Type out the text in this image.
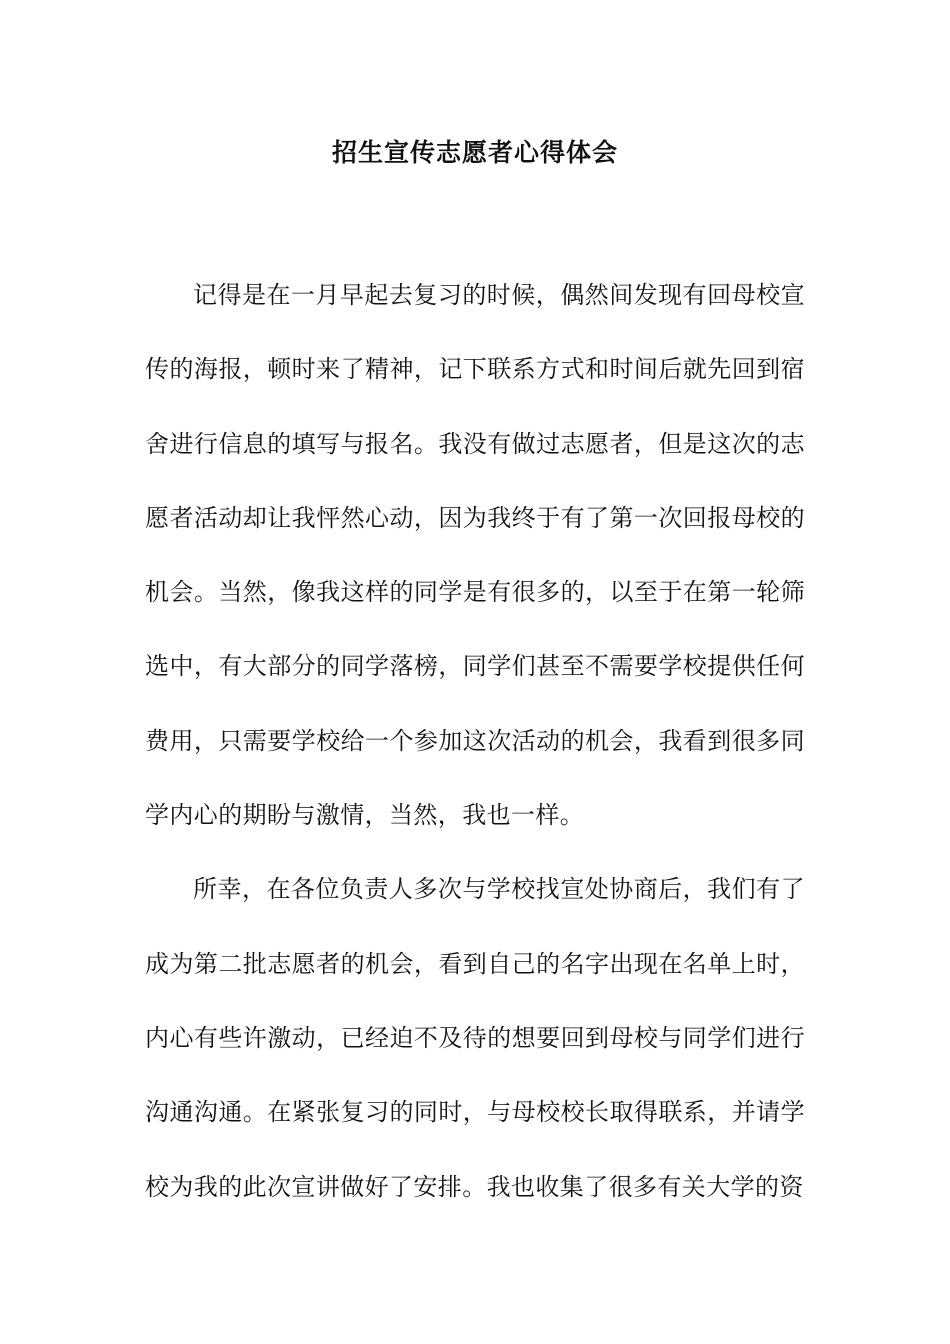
招生宣传志愿者心得体会

记得是在一月早起去复习的时候，偶然间发现有回母校宣传的海报，顿时来了精神，记下联系方式和时间后就先回到宿舍进行信息的填写与报名。我没有做过志愿者，但是这次的志愿者活动却让我怦然心动，因为我终于有了第一次回报母校的机会。当然，像我这样的同学是有很多的，以至于在第一轮筛选中，有大部分的同学落榜，同学们甚至不需要学校提供任何费用，只需要学校给一个参加这次活动的机会，我看到很多同学内心的期盼与激情，当然，我也一样。

所幸，在各位负责人多次与学校找宣处协商后，我们有了成为第二批志愿者的机会，看到自己的名字出现在名单上时，内心有些许激动，已经迫不及待的想要回到母校与同学们进行沟通沟通。在紧张复习的同时，与母校校长取得联系，并请学校为我的此次宣讲做好了安排。我也收集了很多有关大学的资
